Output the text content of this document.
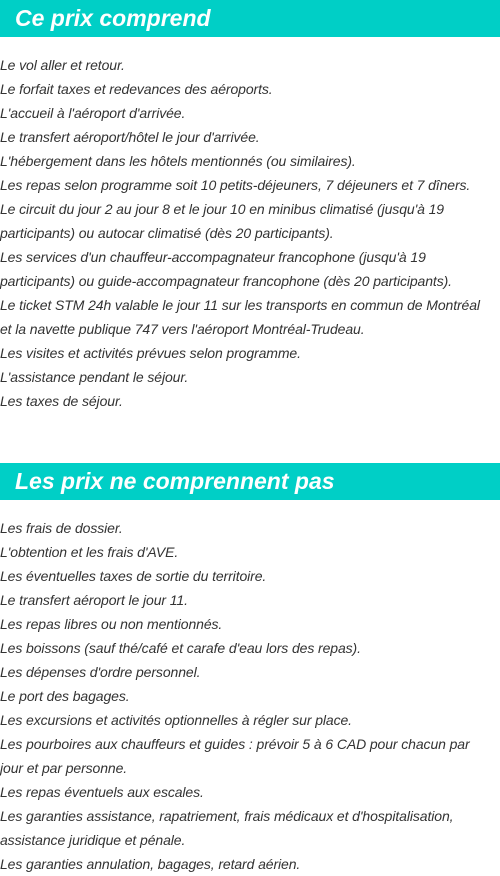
Ce prix comprend
Le vol aller et retour.
Le forfait taxes et redevances des aéroports.
L'accueil à l'aéroport d'arrivée.
Le transfert aéroport/hôtel le jour d'arrivée.
L'hébergement dans les hôtels mentionnés (ou similaires).
Les repas selon programme soit 10 petits-déjeuners, 7 déjeuners et 7 dîners.
Le circuit du jour 2 au jour 8 et le jour 10 en minibus climatisé (jusqu'à 19 participants) ou autocar climatisé (dès 20 participants).
Les services d'un chauffeur-accompagnateur francophone (jusqu'à 19 participants) ou guide-accompagnateur francophone (dès 20 participants).
Le ticket STM 24h valable le jour 11 sur les transports en commun de Montréal et la navette publique 747 vers l'aéroport Montréal-Trudeau.
Les visites et activités prévues selon programme.
L'assistance pendant le séjour.
Les taxes de séjour.
Les prix ne comprennent pas
Les frais de dossier.
L'obtention et les frais d'AVE.
Les éventuelles taxes de sortie du territoire.
Le transfert aéroport le jour 11.
Les repas libres ou non mentionnés.
Les boissons (sauf thé/café et carafe d'eau lors des repas).
Les dépenses d'ordre personnel.
Le port des bagages.
Les excursions et activités optionnelles à régler sur place.
Les pourboires aux chauffeurs et guides : prévoir 5 à 6 CAD pour chacun par jour et par personne.
Les repas éventuels aux escales.
Les garanties assistance, rapatriement, frais médicaux et d'hospitalisation, assistance juridique et pénale.
Les garanties annulation, bagages, retard aérien.
